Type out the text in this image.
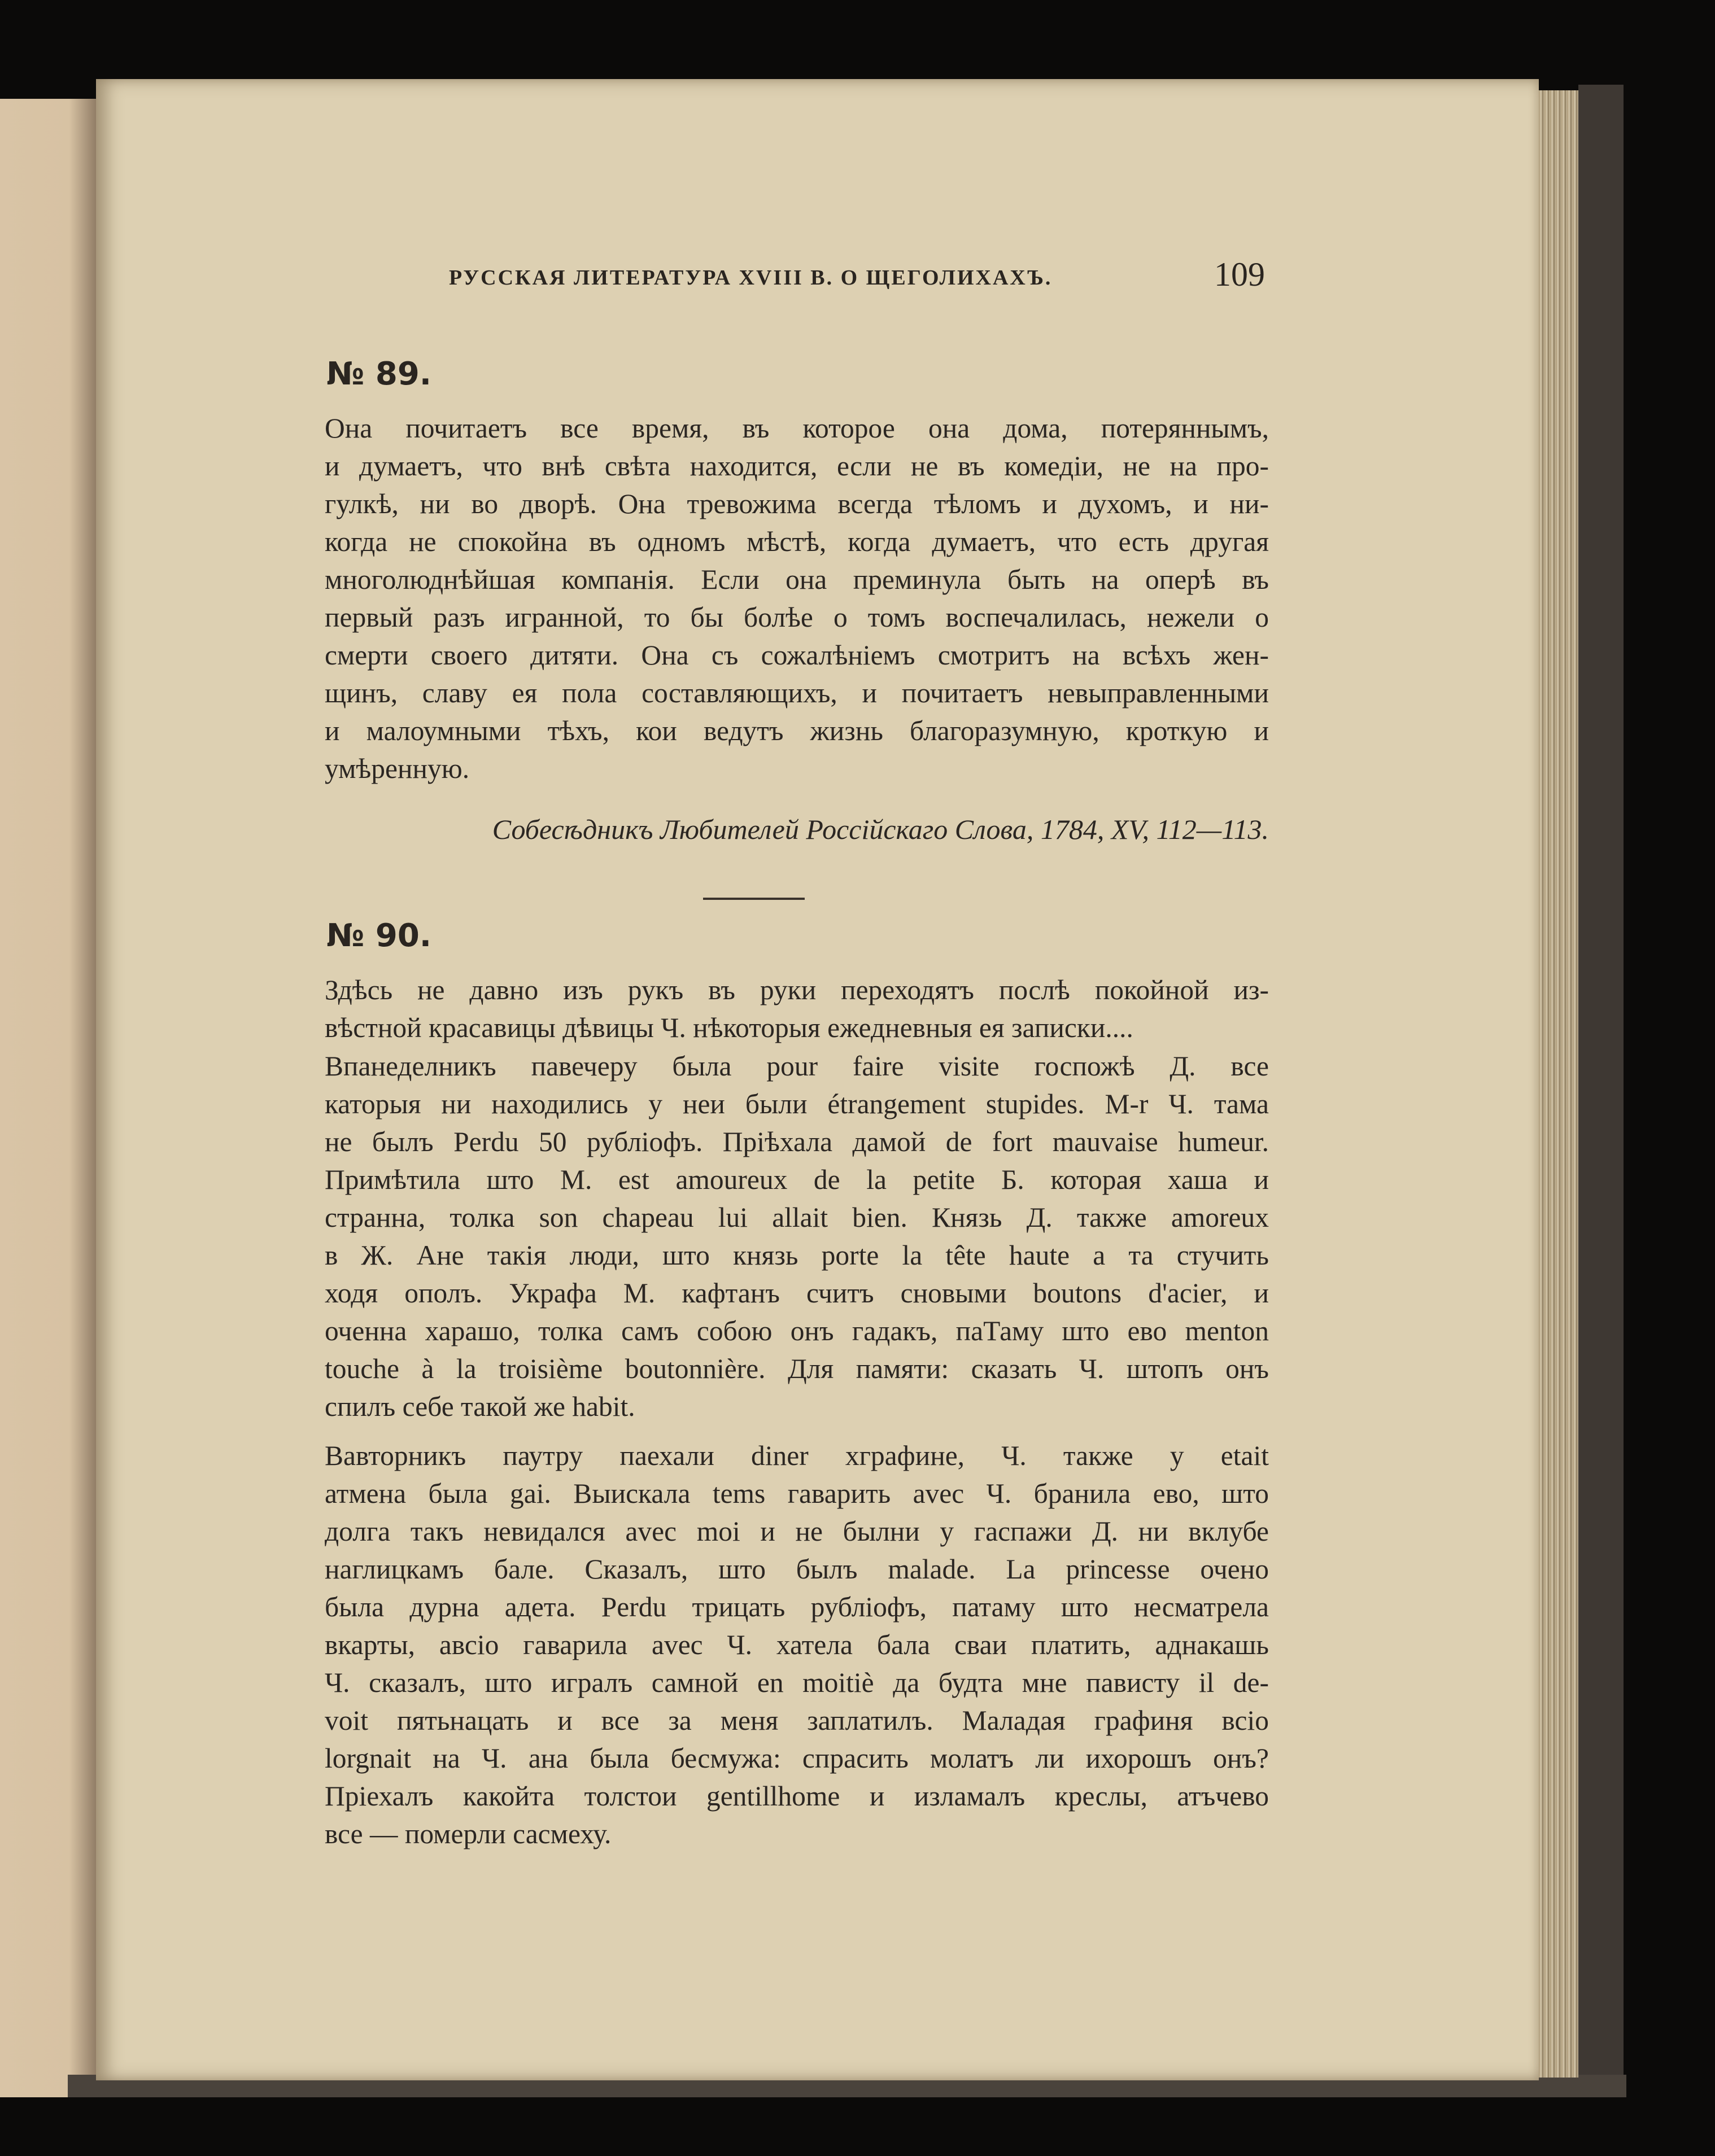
РУССКАЯ ЛИТЕРАТУРА XVIII В. О ЩЕГОЛИХАХЪ.	109
№ 89.
Она почитаетъ все время, въ которое она дома, потеряннымъ,
и думаетъ, что внѣ свѣта находится, если не въ комедіи, не на про-
гулкѣ, ни во дворѣ. Она тревожима всегда тѣломъ и духомъ, и ни-
когда не спокойна въ одномъ мѣстѣ, когда думаетъ, что есть другая
многолюднѣйшая компанія. Если она преминула быть на оперѣ въ
первый разъ игранной, то бы болѣе о томъ воспечалилась, нежели о
смерти своего дитяти. Она съ сожалѣніемъ смотритъ на всѣхъ жен-
щинъ, славу ея пола составляющихъ, и почитаетъ невыправленными
и малоумными тѣхъ, кои ведутъ жизнь благоразумную, кроткую и
умѣренную.
Собесѣдникъ Любителей Россійскаго Слова, 1784, XV, 112—113.
№ 90.
Здѣсь не давно изъ рукъ въ руки переходятъ послѣ покойной из-
вѣстной красавицы дѣвицы Ч. нѣкоторыя ежедневныя ея записки....
Впанеделникъ павечеру была pour faire visite госпожѣ Д. все
каторыя ни находились у неи были étrangement stupides. M-r Ч. тама
не былъ Perdu 50 рублiофъ. Прiѣхала дамой de fort mauvaise humeur.
Примѣтила што М. est amoureux de la petite Б. которая хаша и
странна, толка son chapeau lui allait bien. Князь Д. также amoreux
в Ж. Ане такiя люди, што князь porte la tête haute а та стучить
ходя ополъ. Украфа М. кафтанъ считъ сновыми boutons d'acier, и
оченна харашо, толка самъ собою онъ гадакъ, паТаму што ево menton
touche à la troisième boutonnière. Для памяти: сказать Ч. штопъ онъ
спилъ себе такой же habit.
Вавторникъ паутру паехали diner хграфине, Ч. также у etait
атмена была gai. Выискала tems гаварить avec Ч. бранила ево, што
долга такъ невидался avec moi и не былни у гаспажи Д. ни вклубе
наглицкамъ бале. Сказалъ, што былъ malade. La princesse очено
была дурна адета. Perdu трицать рублiофъ, патаму што несматрела
вкарты, авсiо гаварила avec Ч. хатела бала сваи платить, аднакашь
Ч. сказалъ, што игралъ самной en moitiè да будта мне павиcту il de-
voit пятьнацать и все за меня заплатилъ. Маладая графиня всiо
lorgnait на Ч. ана была бесмужа: спрасить молатъ ли ихорошъ онъ?
Пpiехалъ какойта толстои gentillhome и изламалъ креслы, атъчево
все — померли сасмеху.
